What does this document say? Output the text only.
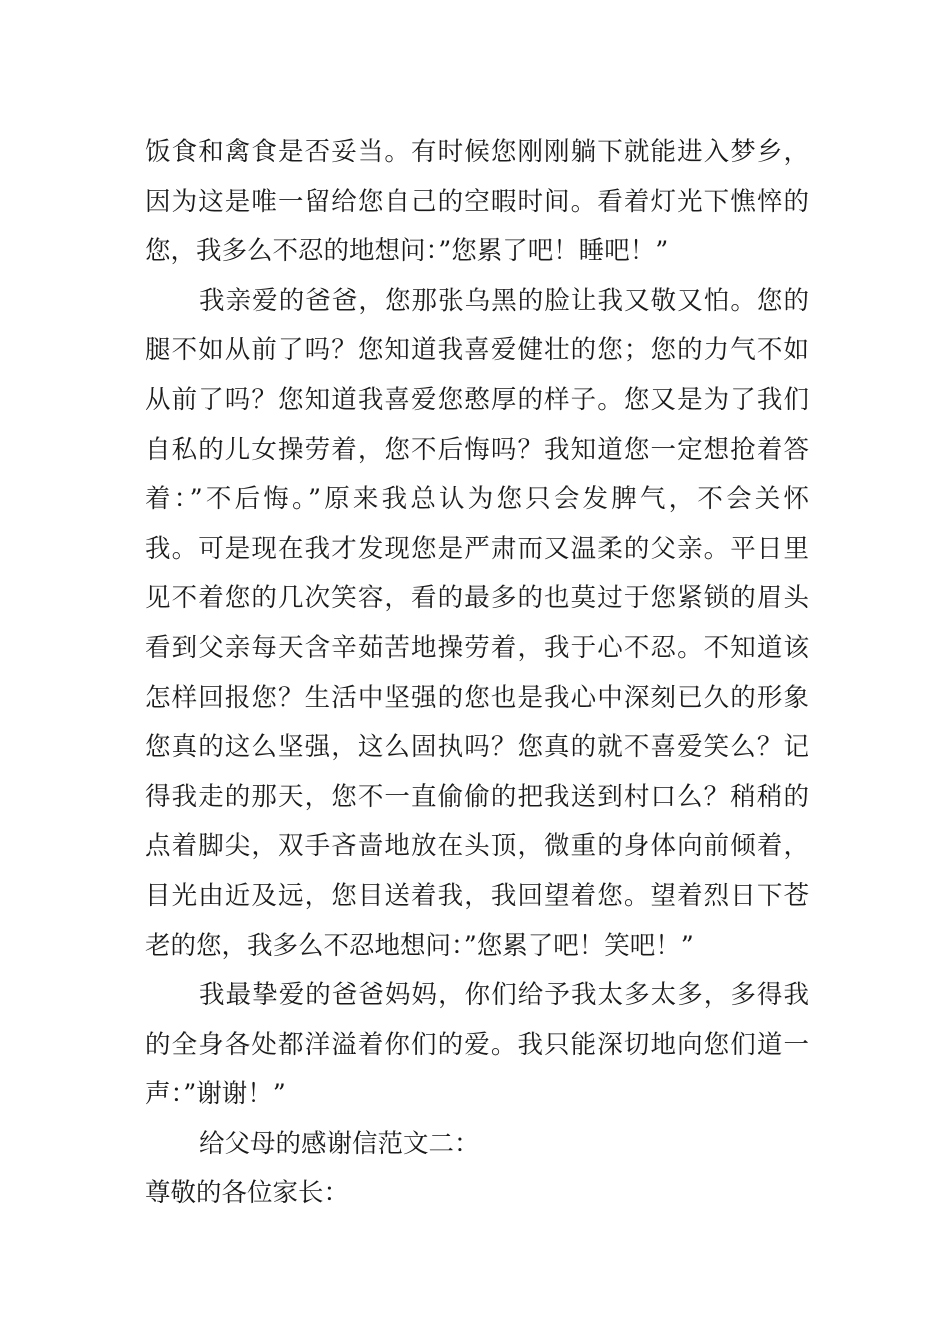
饭食和禽食是否妥当。有时候您刚刚躺下就能进入梦乡，
因为这是唯一留给您自己的空暇时间。看着灯光下憔悴的
您，我多么不忍的地想问：”您累了吧！睡吧！”
我亲爱的爸爸，您那张乌黑的脸让我又敬又怕。您的
腿不如从前了吗？您知道我喜爱健壮的您；您的力气不如
从前了吗？您知道我喜爱您憨厚的样子。您又是为了我们
自私的儿女操劳着，您不后悔吗？我知道您一定想抢着答
着：”不后悔。”原来我总认为您只会发脾气，不会关怀
我。可是现在我才发现您是严肃而又温柔的父亲。平日里
见不着您的几次笑容，看的最多的也莫过于您紧锁的眉头
看到父亲每天含辛茹苦地操劳着，我于心不忍。不知道该
怎样回报您？生活中坚强的您也是我心中深刻已久的形象
您真的这么坚强，这么固执吗？您真的就不喜爱笑么？记
得我走的那天，您不一直偷偷的把我送到村口么？稍稍的
点着脚尖，双手吝啬地放在头顶，微重的身体向前倾着，
目光由近及远，您目送着我，我回望着您。望着烈日下苍
老的您，我多么不忍地想问：”您累了吧！笑吧！”
我最挚爱的爸爸妈妈，你们给予我太多太多，多得我
的全身各处都洋溢着你们的爱。我只能深切地向您们道一
声：”谢谢！”
给父母的感谢信范文二：
尊敬的各位家长：
